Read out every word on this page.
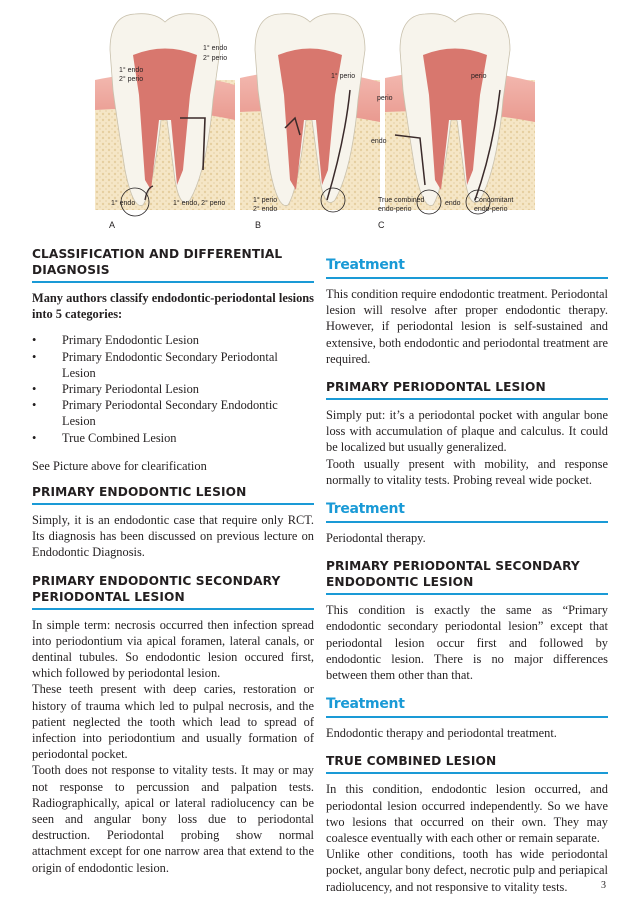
1° endo
2° perio
1° endo
2° perio
1° endo	1° endo, 2° perio
1° perio
1° perio
2° endo
perio
perio
endo
True combined
endo-perio
endo Concomitant
endo-perio
A	B	C
CLASSIFICATION AND DIFFERENTIAL DIAGNOSIS

Many authors classify endodontic-periodontal lesions into 5 categories:

• Primary Endodontic Lesion
• Primary Endodontic Secondary Periodontal Lesion
• Primary Periodontal Lesion
• Primary Periodontal Secondary Endodontic Lesion
• True Combined Lesion

See Picture above for clearification

PRIMARY ENDODONTIC LESION

Simply, it is an endodontic case that require only RCT. Its diagnosis has been discussed on previous lecture on Endodontic Diagnosis.

PRIMARY ENDODONTIC SECONDARY PERIODONTAL LESION

In simple term: necrosis occurred then infection spread into periodontium via apical foramen, lateral canals, or dentinal tubules. So endodontic lesion occured first, which followed by periodontal lesion.

These teeth present with deep caries, restoration or history of trauma which led to pulpal necrosis, and the patient neglected the tooth which lead to spread of infection into periodontium and usually formation of periodontal pocket.

Tooth does not response to vitality tests. It may or may not response to percussion and palpation tests. Radiographically, apical or lateral radiolucency can be seen and angular bony loss due to periodontal destruction. Periodontal probing show normal attachment except for one narrow area that extend to the origin of endodontic lesion.

Treatment

This condition require endodontic treatment. Periodontal lesion will resolve after proper endodontic therapy. However, if periodontal lesion is self-sustained and extensive, both endodontic and periodontal treatment are required.

PRIMARY PERIODONTAL LESION

Simply put: it’s a periodontal pocket with angular bone loss with accumulation of plaque and calculus. It could be localized but usually generalized.

Tooth usually present with mobility, and response normally to vitality tests. Probing reveal wide pocket.

Treatment

Periodontal therapy.

PRIMARY PERIODONTAL SECONDARY ENDODONTIC LESION

This condition is exactly the same as “Primary endodontic secondary periodontal lesion” except that periodontal lesion occur first and followed by endodontic lesion. There is no major differences between them other than that.

Treatment

Endodontic therapy and periodontal treatment.

TRUE COMBINED LESION

In this condition, endodontic lesion occurred, and periodontal lesion occurred independently. So we have two lesions that occurred on their own. They may coalesce eventually with each other or remain separate.

Unlike other conditions, tooth has wide periodontal pocket, angular bony defect, necrotic pulp and periapical radiolucency, and not responsive to vitality tests.	3
